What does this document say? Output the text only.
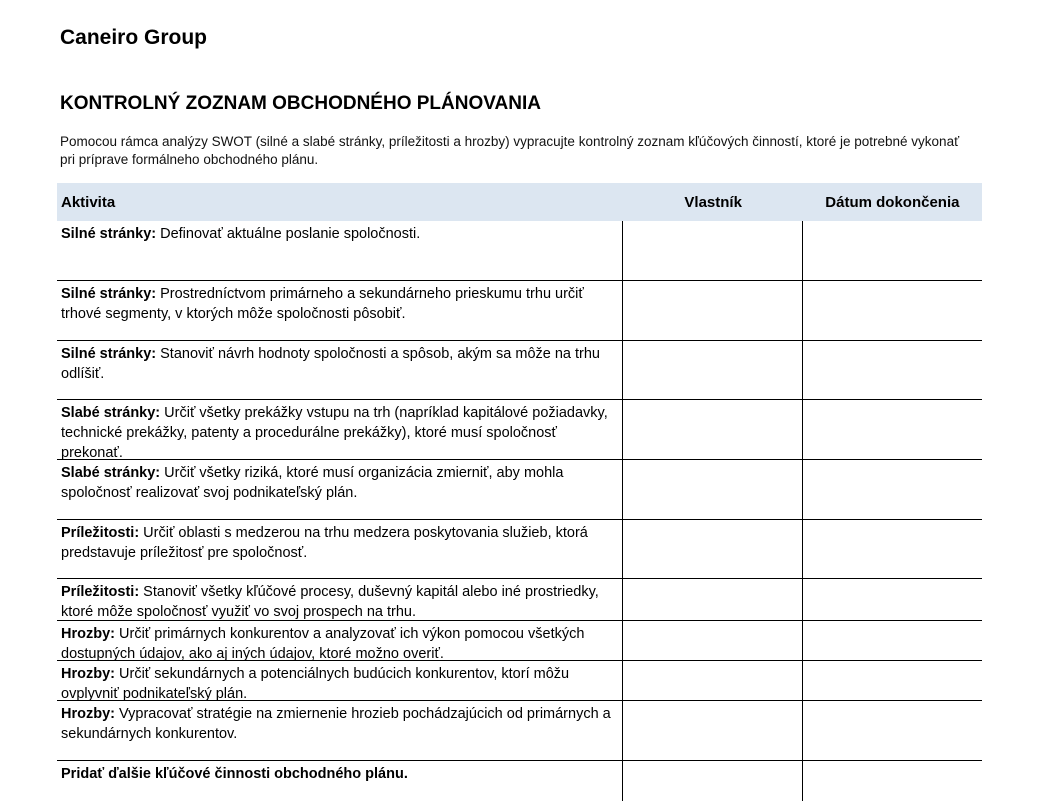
Caneiro Group
KONTROLNÝ ZOZNAM OBCHODNÉHO PLÁNOVANIA
Pomocou rámca analýzy SWOT (silné a slabé stránky, príležitosti a hrozby) vypracujte kontrolný zoznam kľúčových činností, ktoré je potrebné vykonať pri príprave formálneho obchodného plánu.
Aktivita	Vlastník	Dátum dokončenia
Silné stránky: Definovať aktuálne poslanie spoločnosti.
Silné stránky: Prostredníctvom primárneho a sekundárneho prieskumu trhu určiť trhové segmenty, v ktorých môže spoločnosti pôsobiť.
Silné stránky: Stanoviť návrh hodnoty spoločnosti a spôsob, akým sa môže na trhu odlíšiť.
Slabé stránky: Určiť všetky prekážky vstupu na trh (napríklad kapitálové požiadavky, technické prekážky, patenty a procedurálne prekážky), ktoré musí spoločnosť prekonať.
Slabé stránky: Určiť všetky riziká, ktoré musí organizácia zmierniť, aby mohla spoločnosť realizovať svoj podnikateľský plán.
Príležitosti: Určiť oblasti s medzerou na trhu medzera poskytovania služieb, ktorá predstavuje príležitosť pre spoločnosť.
Príležitosti: Stanoviť všetky kľúčové procesy, duševný kapitál alebo iné prostriedky, ktoré môže spoločnosť využiť vo svoj prospech na trhu.
Hrozby: Určiť primárnych konkurentov a analyzovať ich výkon pomocou všetkých dostupných údajov, ako aj iných údajov, ktoré možno overiť.
Hrozby: Určiť sekundárnych a potenciálnych budúcich konkurentov, ktorí môžu ovplyvniť podnikateľský plán.
Hrozby: Vypracovať stratégie na zmiernenie hrozieb pochádzajúcich od primárnych a sekundárnych konkurentov.
Pridať ďalšie kľúčové činnosti obchodného plánu.
